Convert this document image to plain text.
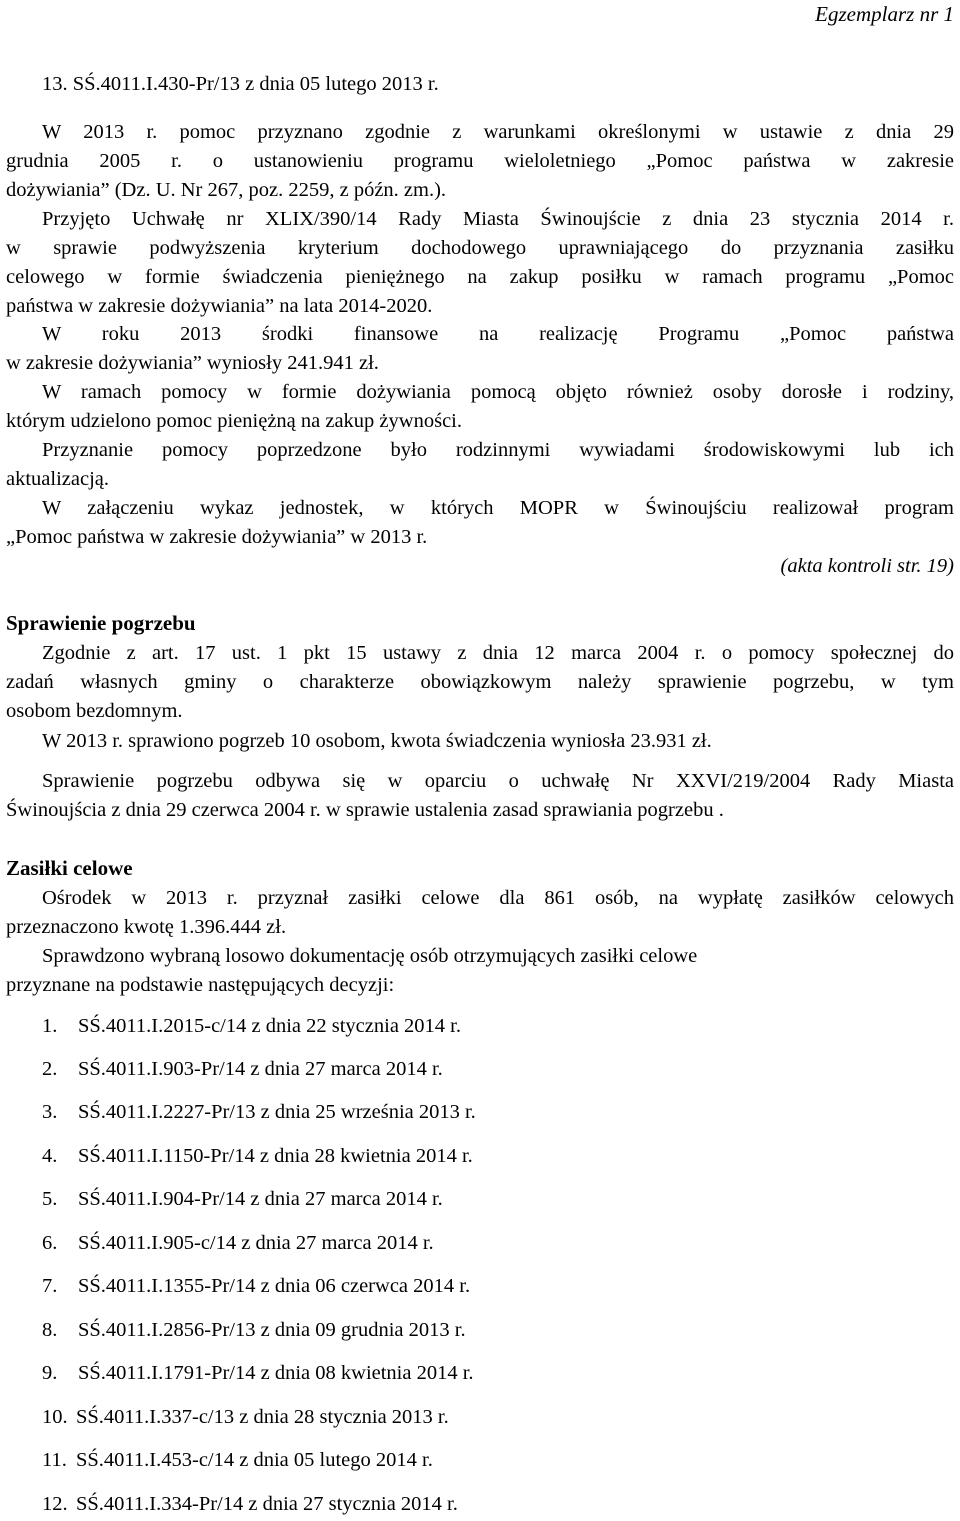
Egzemplarz nr 1
13. SŚ.4011.I.430-Pr/13 z dnia 05 lutego 2013 r.
W 2013 r. pomoc przyznano zgodnie z warunkami określonymi w ustawie z dnia 29
grudnia 2005 r. o ustanowieniu programu wieloletniego „Pomoc państwa w zakresie
dożywiania” (Dz. U. Nr 267, poz. 2259, z późn. zm.).
Przyjęto Uchwałę nr XLIX/390/14 Rady Miasta Świnoujście z dnia 23 stycznia 2014 r.
w sprawie podwyższenia kryterium dochodowego uprawniającego do przyznania zasiłku
celowego w formie świadczenia pieniężnego na zakup posiłku w ramach programu „Pomoc
państwa w zakresie dożywiania” na lata 2014-2020.
W roku 2013 środki finansowe na realizację Programu „Pomoc państwa
w zakresie dożywiania” wyniosły 241.941 zł.
W ramach pomocy w formie dożywiania pomocą objęto również osoby dorosłe i rodziny,
którym udzielono pomoc pieniężną na zakup żywności.
Przyznanie pomocy poprzedzone było rodzinnymi wywiadami środowiskowymi lub ich
aktualizacją.
W załączeniu wykaz jednostek, w których MOPR w Świnoujściu realizował program
„Pomoc państwa w zakresie dożywiania” w 2013 r.
(akta kontroli str. 19)
Sprawienie pogrzebu
Zgodnie z art. 17 ust. 1 pkt 15 ustawy z dnia 12 marca 2004 r. o pomocy społecznej do
zadań własnych gminy o charakterze obowiązkowym należy sprawienie pogrzebu, w tym
osobom bezdomnym.
W 2013 r. sprawiono pogrzeb 10 osobom, kwota świadczenia wyniosła 23.931 zł.
Sprawienie pogrzebu odbywa się w oparciu o uchwałę Nr XXVI/219/2004 Rady Miasta
Świnoujścia z dnia 29 czerwca 2004 r. w sprawie ustalenia zasad sprawiania pogrzebu .
Zasiłki celowe
Ośrodek w 2013 r. przyznał zasiłki celowe dla 861 osób, na wypłatę zasiłków celowych
przeznaczono kwotę 1.396.444 zł.
Sprawdzono wybraną losowo dokumentację osób otrzymujących zasiłki celowe
przyznane na podstawie następujących decyzji:
1. SŚ.4011.I.2015-c/14 z dnia 22 stycznia 2014 r.
2. SŚ.4011.I.903-Pr/14 z dnia 27 marca 2014 r.
3. SŚ.4011.I.2227-Pr/13 z dnia 25 września 2013 r.
4. SŚ.4011.I.1150-Pr/14 z dnia 28 kwietnia 2014 r.
5. SŚ.4011.I.904-Pr/14 z dnia 27 marca 2014 r.
6. SŚ.4011.I.905-c/14 z dnia 27 marca 2014 r.
7. SŚ.4011.I.1355-Pr/14 z dnia 06 czerwca 2014 r.
8. SŚ.4011.I.2856-Pr/13 z dnia 09 grudnia 2013 r.
9. SŚ.4011.I.1791-Pr/14 z dnia 08 kwietnia 2014 r.
10. SŚ.4011.I.337-c/13 z dnia 28 stycznia 2013 r.
11. SŚ.4011.I.453-c/14 z dnia 05 lutego 2014 r.
12. SŚ.4011.I.334-Pr/14 z dnia 27 stycznia 2014 r.
